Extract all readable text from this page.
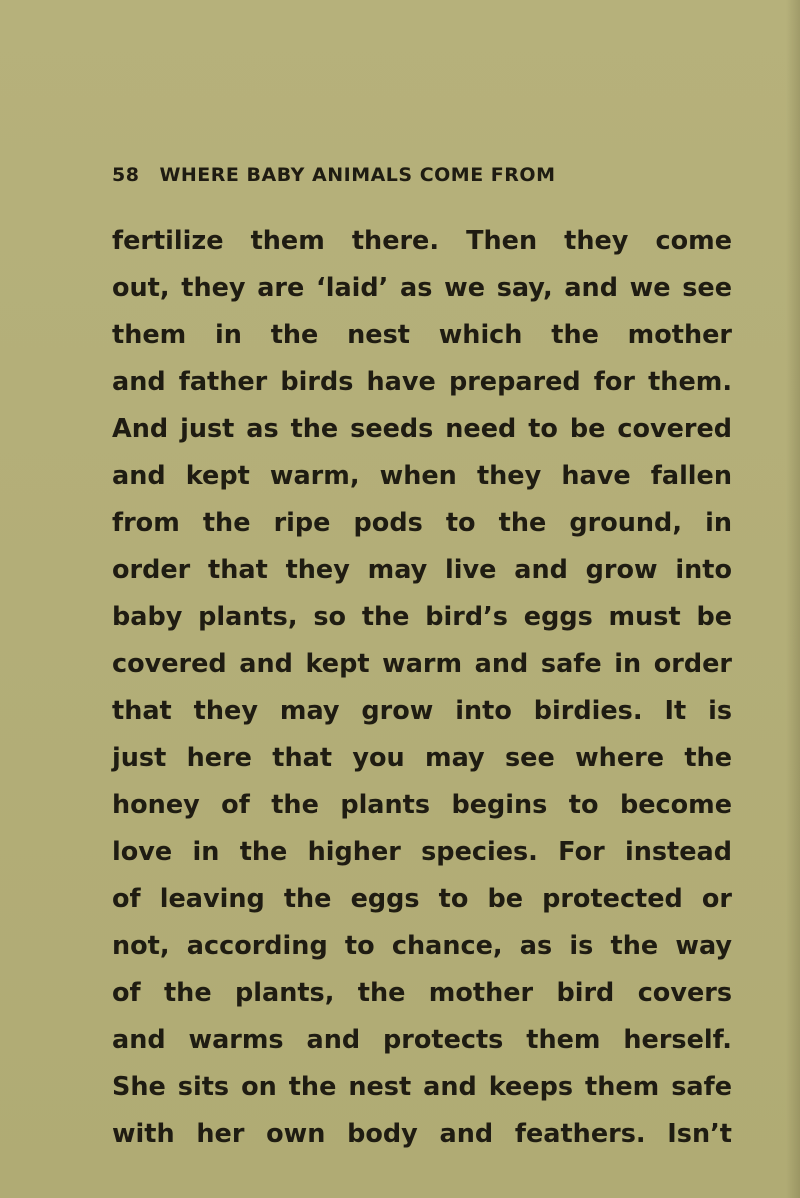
58 WHERE BABY ANIMALS COME FROM
fertilize them there. Then they come
out, they are ‘laid’ as we say, and we see
them in the nest which the mother
and father birds have prepared for them.
And just as the seeds need to be covered
and kept warm, when they have fallen
from the ripe pods to the ground, in
order that they may live and grow into
baby plants, so the bird’s eggs must be
covered and kept warm and safe in order
that they may grow into birdies. It is
just here that you may see where the
honey of the plants begins to become
love in the higher species. For instead
of leaving the eggs to be protected or
not, according to chance, as is the way
of the plants, the mother bird covers
and warms and protects them herself.
She sits on the nest and keeps them safe
with her own body and feathers. Isn’t
